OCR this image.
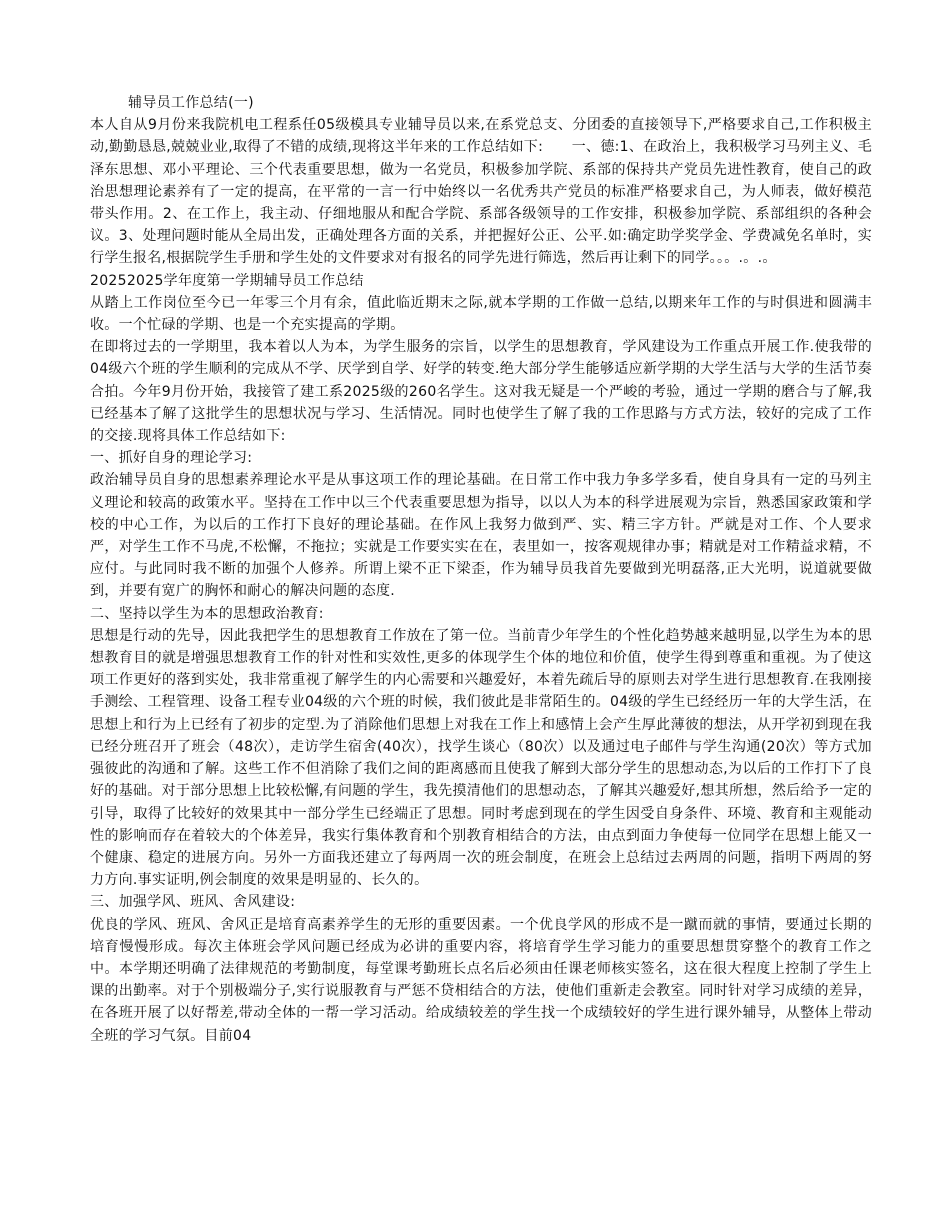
辅导员工作总结(一)

本人自从9月份来我院机电工程系任05级模具专业辅导员以来,在系党总支、分团委的直接领导下,严格要求自己,工作积极主动,勤勤恳恳,兢兢业业,取得了不错的成绩,现将这半年来的工作总结如下:　　一、德:1、在政治上，我积极学习马列主义、毛泽东思想、邓小平理论、三个代表重要思想，做为一名党员，积极参加学院、系部的保持共产党员先进性教育，使自己的政治思想理论素养有了一定的提高，在平常的一言一行中始终以一名优秀共产党员的标准严格要求自己，为人师表，做好模范带头作用。2、在工作上，我主动、仔细地服从和配合学院、系部各级领导的工作安排，积极参加学院、系部组织的各种会议。3、处理问题时能从全局出发，正确处理各方面的关系，并把握好公正、公平.如:确定助学奖学金、学费减免名单时，实行学生报名,根据院学生手册和学生处的文件要求对有报名的同学先进行筛选，然后再让剩下的同学。。。.。.。

20252025学年度第一学期辅导员工作总结

从踏上工作岗位至今已一年零三个月有余，值此临近期末之际,就本学期的工作做一总结,以期来年工作的与时俱进和圆满丰收。一个忙碌的学期、也是一个充实提高的学期。

在即将过去的一学期里，我本着以人为本，为学生服务的宗旨，以学生的思想教育，学风建设为工作重点开展工作.使我带的04级六个班的学生顺利的完成从不学、厌学到自学、好学的转变.绝大部分学生能够适应新学期的大学生活与大学的生活节奏合拍。今年9月份开始，我接管了建工系2025级的260名学生。这对我无疑是一个严峻的考验，通过一学期的磨合与了解,我已经基本了解了这批学生的思想状况与学习、生活情况。同时也使学生了解了我的工作思路与方式方法，较好的完成了工作的交接.现将具体工作总结如下:

一、抓好自身的理论学习:

政治辅导员自身的思想素养理论水平是从事这项工作的理论基础。在日常工作中我力争多学多看，使自身具有一定的马列主义理论和较高的政策水平。坚持在工作中以三个代表重要思想为指导，以以人为本的科学进展观为宗旨，熟悉国家政策和学校的中心工作，为以后的工作打下良好的理论基础。在作风上我努力做到严、实、精三字方针。严就是对工作、个人要求严，对学生工作不马虎,不松懈，不拖拉；实就是工作要实实在在，表里如一，按客观规律办事；精就是对工作精益求精，不应付。与此同时我不断的加强个人修养。所谓上梁不正下梁歪，作为辅导员我首先要做到光明磊落,正大光明，说道就要做到，并要有宽广的胸怀和耐心的解决问题的态度.

二、坚持以学生为本的思想政治教育:

思想是行动的先导，因此我把学生的思想教育工作放在了第一位。当前青少年学生的个性化趋势越来越明显,以学生为本的思想教育目的就是增强思想教育工作的针对性和实效性,更多的体现学生个体的地位和价值，使学生得到尊重和重视。为了使这项工作更好的落到实处，我非常重视了解学生的内心需要和兴趣爱好，本着先疏后导的原则去对学生进行思想教育.在我刚接手测绘、工程管理、设备工程专业04级的六个班的时候，我们彼此是非常陌生的。04级的学生已经经历一年的大学生活，在思想上和行为上已经有了初步的定型.为了消除他们思想上对我在工作上和感情上会产生厚此薄彼的想法，从开学初到现在我已经分班召开了班会（48次），走访学生宿舍(40次），找学生谈心（80次）以及通过电子邮件与学生沟通(20次）等方式加强彼此的沟通和了解。这些工作不但消除了我们之间的距离感而且使我了解到大部分学生的思想动态,为以后的工作打下了良好的基础。对于部分思想上比较松懈,有问题的学生，我先摸清他们的思想动态，了解其兴趣爱好,想其所想，然后给予一定的引导，取得了比较好的效果其中一部分学生已经端正了思想。同时考虑到现在的学生因受自身条件、环境、教育和主观能动性的影响而存在着较大的个体差异，我实行集体教育和个别教育相结合的方法，由点到面力争使每一位同学在思想上能又一个健康、稳定的进展方向。另外一方面我还建立了每两周一次的班会制度，在班会上总结过去两周的问题，指明下两周的努力方向.事实证明,例会制度的效果是明显的、长久的。

三、加强学风、班风、舍风建设:

优良的学风、班风、舍风正是培育高素养学生的无形的重要因素。一个优良学风的形成不是一蹴而就的事情，要通过长期的培育慢慢形成。每次主体班会学风问题已经成为必讲的重要内容，将培育学生学习能力的重要思想贯穿整个的教育工作之中。本学期还明确了法律规范的考勤制度，每堂课考勤班长点名后必须由任课老师核实签名，这在很大程度上控制了学生上课的出勤率。对于个别极端分子,实行说服教育与严惩不贷相结合的方法，使他们重新走会教室。同时针对学习成绩的差异，在各班开展了以好帮差,带动全体的一帮一学习活动。给成绩较差的学生找一个成绩较好的学生进行课外辅导，从整体上带动全班的学习气氛。目前04
